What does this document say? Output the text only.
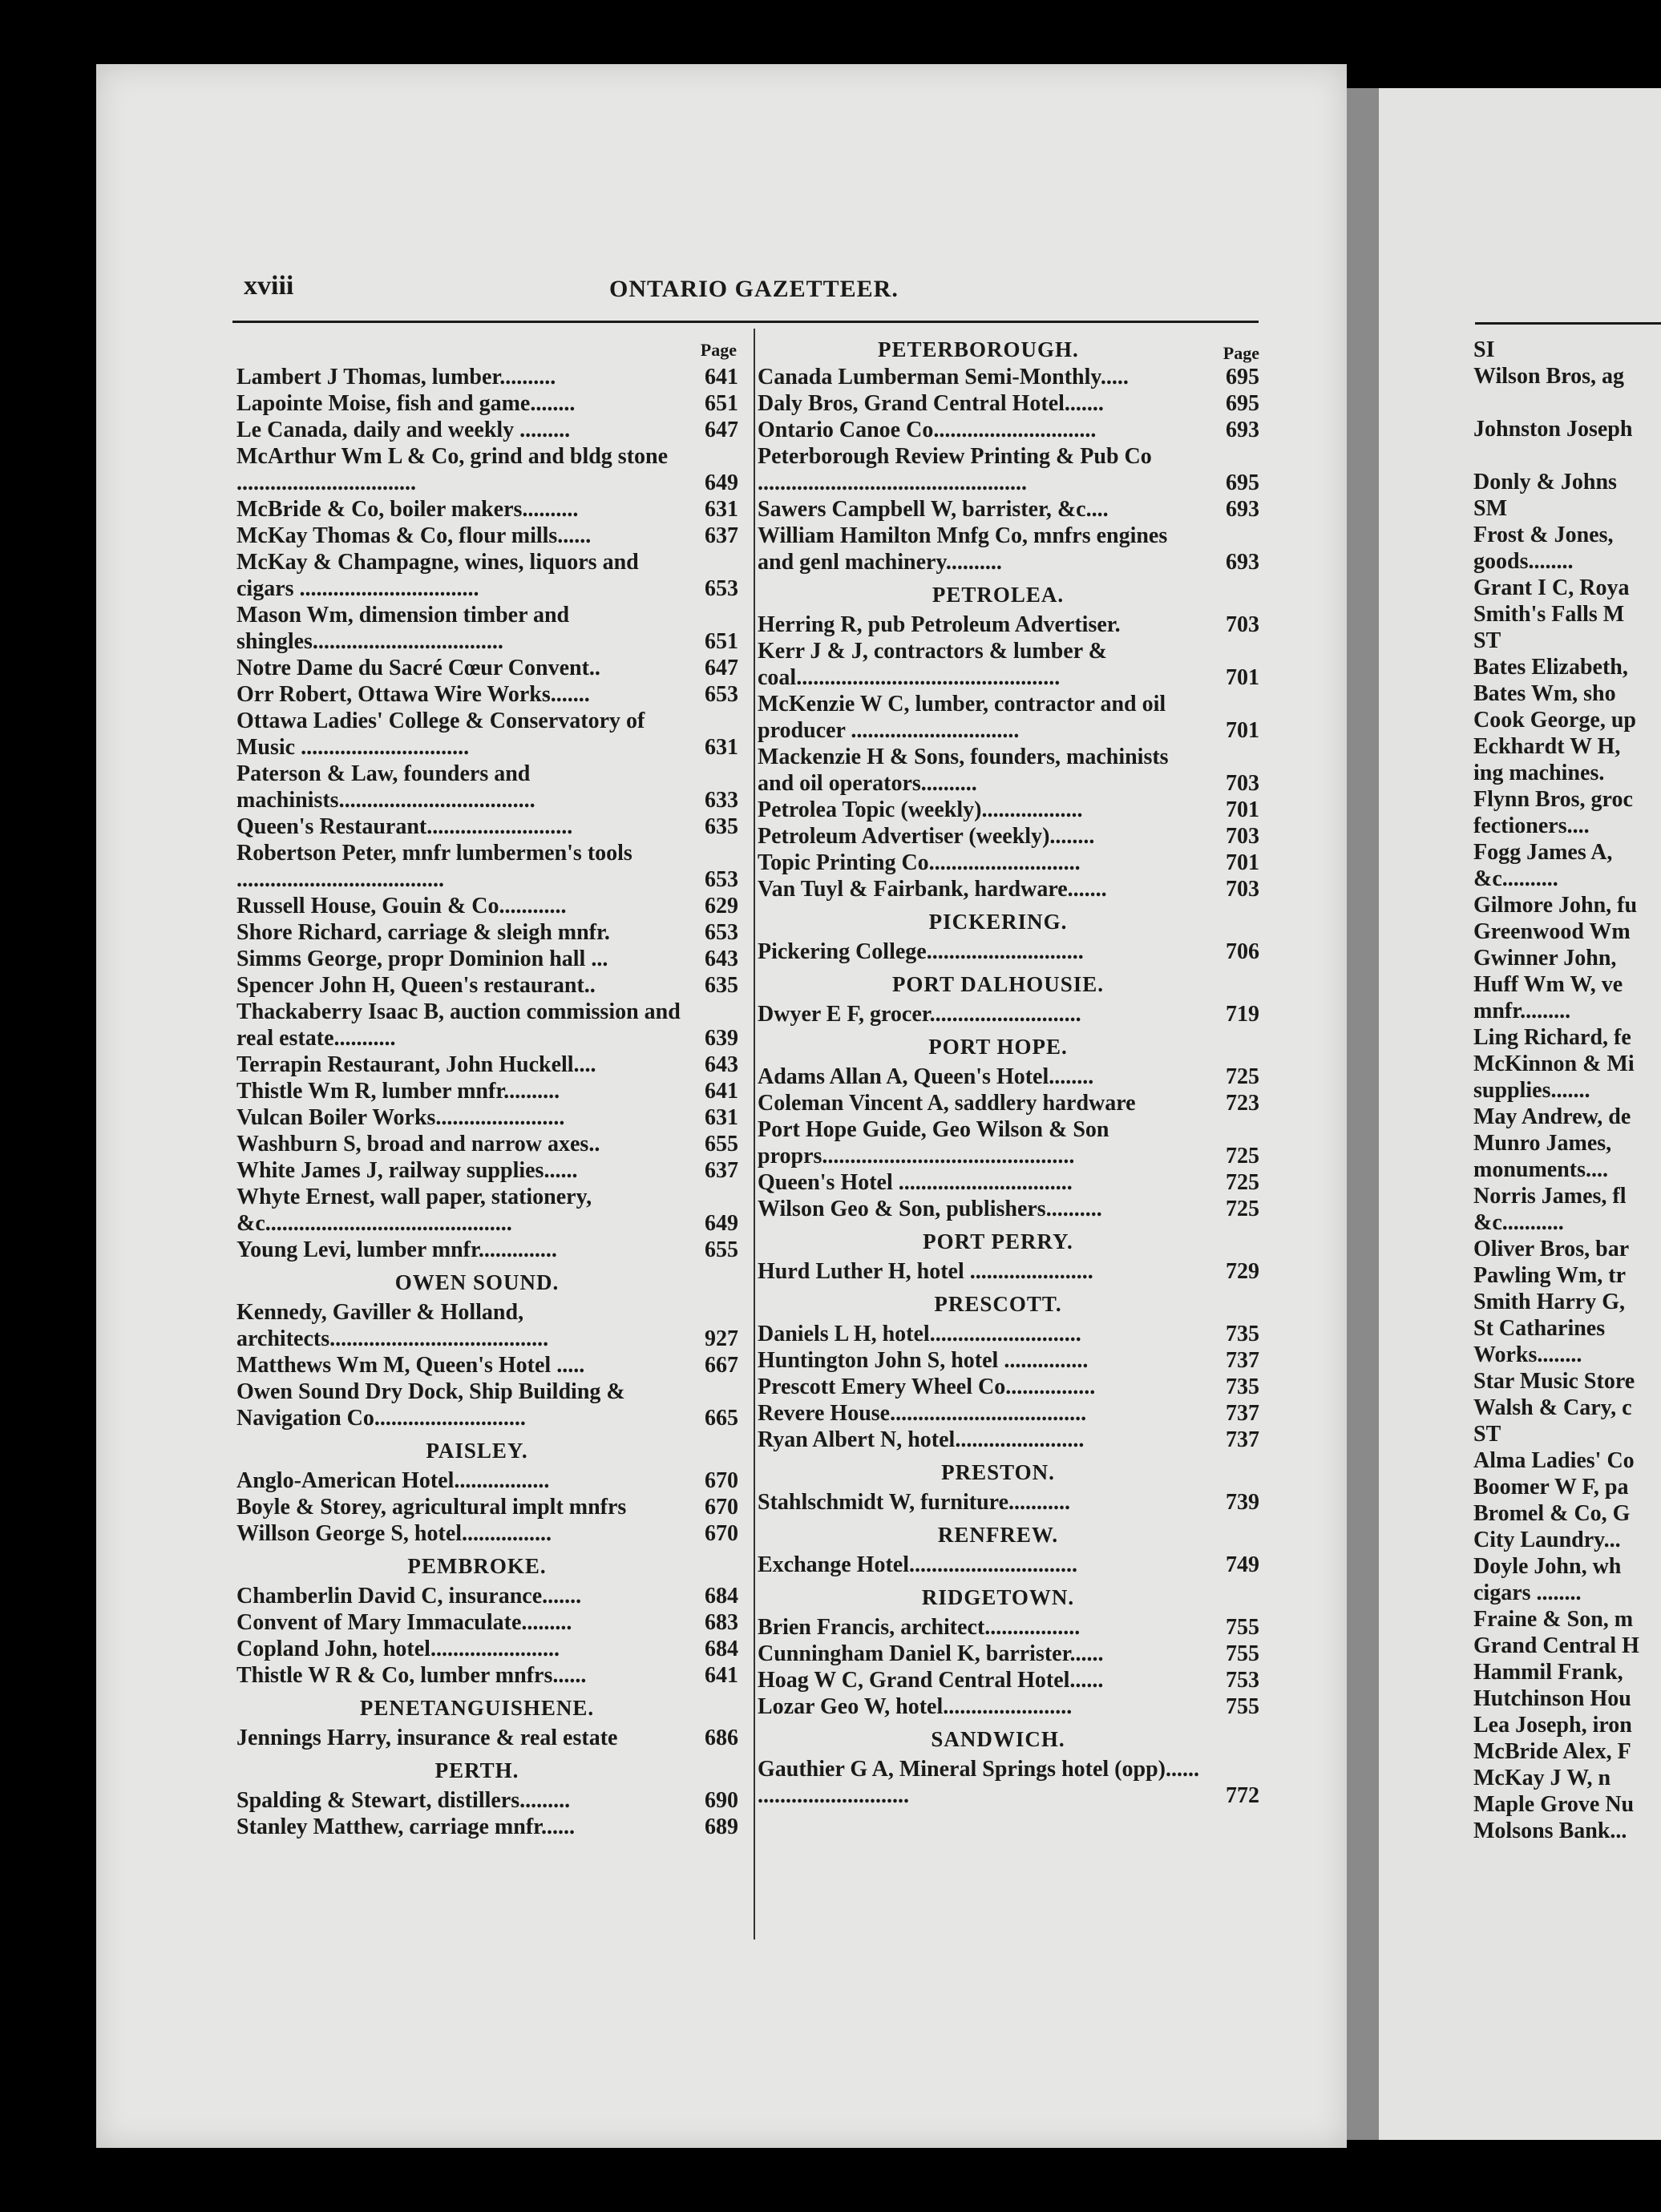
xviii	ONTARIO GAZETTEER.
Page
Lambert J Thomas, lumber..........	641
Lapointe Moise, fish and game........	651
Le Canada, daily and weekly .........	647
McArthur Wm L & Co, grind and bldg stone ................................	649
McBride & Co, boiler makers..........	631
McKay Thomas & Co, flour mills......	637
McKay & Champagne, wines, liquors and cigars ................................	653
Mason Wm, dimension timber and shingles..................................	651
Notre Dame du Sacré Cœur Convent..	647
Orr Robert, Ottawa Wire Works.......	653
Ottawa Ladies' College & Conservatory of Music ..............................	631
Paterson & Law, founders and machinists...................................	633
Queen's Restaurant..........................	635
Robertson Peter, mnfr lumbermen's tools .....................................	653
Russell House, Gouin & Co............	629
Shore Richard, carriage & sleigh mnfr.	653
Simms George, propr Dominion hall ...	643
Spencer John H, Queen's restaurant..	635
Thackaberry Isaac B, auction commission and real estate...........	639
Terrapin Restaurant, John Huckell....	643
Thistle Wm R, lumber mnfr..........	641
Vulcan Boiler Works.......................	631
Washburn S, broad and narrow axes..	655
White James J, railway supplies......	637
Whyte Ernest, wall paper, stationery, &c............................................	649
Young Levi, lumber mnfr..............	655
OWEN SOUND.
Kennedy, Gaviller & Holland, architects.......................................	927
Matthews Wm M, Queen's Hotel .....	667
Owen Sound Dry Dock, Ship Building & Navigation Co...........................	665
PAISLEY.
Anglo-American Hotel.................	670
Boyle & Storey, agricultural implt mnfrs	670
Willson George S, hotel................	670
PEMBROKE.
Chamberlin David C, insurance.......	684
Convent of Mary Immaculate.........	683
Copland John, hotel.......................	684
Thistle W R & Co, lumber mnfrs......	641
PENETANGUISHENE.
Jennings Harry, insurance & real estate	686
PERTH.
Spalding & Stewart, distillers.........	690
Stanley Matthew, carriage mnfr......	689
PETERBOROUGH.	Page
Canada Lumberman Semi-Monthly.....	695
Daly Bros, Grand Central Hotel.......	695
Ontario Canoe Co.............................	693
Peterborough Review Printing & Pub Co ................................................	695
Sawers Campbell W, barrister, &c....	693
William Hamilton Mnfg Co, mnfrs engines and genl machinery..........	693
PETROLEA.
Herring R, pub Petroleum Advertiser.	703
Kerr J & J, contractors & lumber & coal...............................................	701
McKenzie W C, lumber, contractor and oil producer ..............................	701
Mackenzie H & Sons, founders, machinists and oil operators..........	703
Petrolea Topic (weekly)..................	701
Petroleum Advertiser (weekly)........	703
Topic Printing Co...........................	701
Van Tuyl & Fairbank, hardware.......	703
PICKERING.
Pickering College............................	706
PORT DALHOUSIE.
Dwyer E F, grocer...........................	719
PORT HOPE.
Adams Allan A, Queen's Hotel........	725
Coleman Vincent A, saddlery hardware	723
Port Hope Guide, Geo Wilson & Son proprs.............................................	725
Queen's Hotel ...............................	725
Wilson Geo & Son, publishers..........	725
PORT PERRY.
Hurd Luther H, hotel ......................	729
PRESCOTT.
Daniels L H, hotel...........................	735
Huntington John S, hotel ...............	737
Prescott Emery Wheel Co................	735
Revere House...................................	737
Ryan Albert N, hotel.......................	737
PRESTON.
Stahlschmidt W, furniture...........	739
RENFREW.
Exchange Hotel..............................	749
RIDGETOWN.
Brien Francis, architect.................	755
Cunningham Daniel K, barrister......	755
Hoag W C, Grand Central Hotel......	753
Lozar Geo W, hotel.......................	755
SANDWICH.
Gauthier G A, Mineral Springs hotel (opp)...... ...........................	772
SI
Wilson Bros, ag
Johnston Joseph
Donly & Johns
SM
Frost & Jones,
goods........
Grant I C, Roya
Smith's Falls M
ST
Bates Elizabeth,
Bates Wm, sho
Cook George, up
Eckhardt W H,
ing machines.
Flynn Bros, groc
fectioners....
Fogg James A,
&c..........
Gilmore John, fu
Greenwood Wm
Gwinner John,
Huff Wm W, ve
mnfr.........
Ling Richard, fe
McKinnon & Mi
supplies.......
May Andrew, de
Munro James,
monuments....
Norris James, fl
&c...........
Oliver Bros, bar
Pawling Wm, tr
Smith Harry G,
St Catharines
Works........
Star Music Store
Walsh & Cary, c
ST
Alma Ladies' Co
Boomer W F, pa
Bromel & Co, G
City Laundry...
Doyle John, wh
cigars ........
Fraine & Son, m
Grand Central H
Hammil Frank,
Hutchinson Hou
Lea Joseph, iron
McBride Alex, F
McKay J W, n
Maple Grove Nu
Molsons Bank...
